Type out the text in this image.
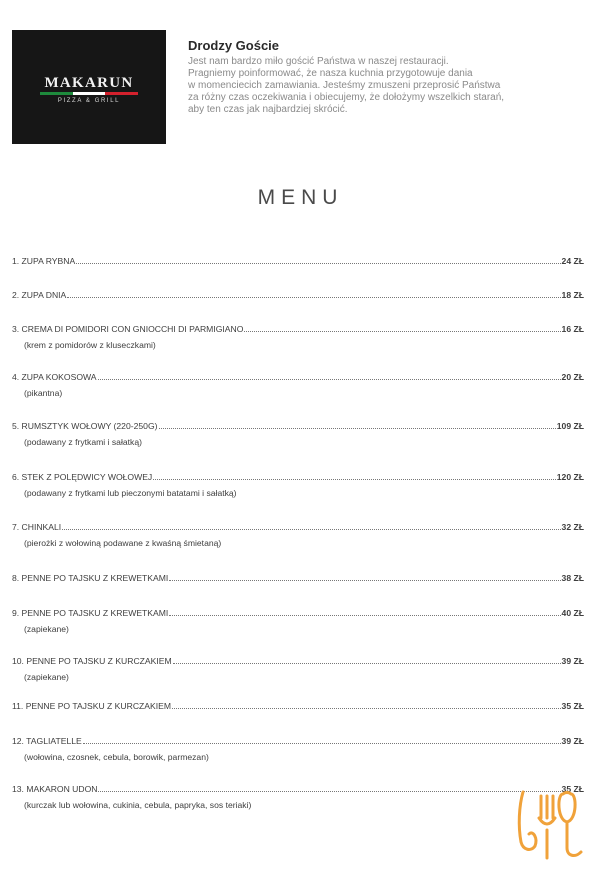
MAKARUN
PIZZA & GRILL
Drodzy Goście
Jest nam bardzo miło gościć Państwa w naszej restauracji.
Pragniemy poinformować, że nasza kuchnia przygotowuje dania
w momenciecich zamawiania. Jesteśmy zmuszeni przeprosić Państwa
za różny czas oczekiwania i obiecujemy, że dołożymy wszelkich starań,
aby ten czas jak najbardziej skrócić.
MENU
1. ZUPA RYBNA	24 ZŁ
2. ZUPA DNIA	18 ZŁ
3. CREMA DI POMIDORI CON GNIOCCHI DI PARMIGIANO	16 ZŁ
(krem z pomidorów z kluseczkami)
4. ZUPA KOKOSOWA	20 ZŁ
(pikantna)
5. RUMSZTYK WOŁOWY (220-250G)	109 ZŁ
(podawany z frytkami i sałatką)
6. STEK Z POLĘDWICY WOŁOWEJ	120 ZŁ
(podawany z frytkami lub pieczonymi batatami i sałatką)
7. CHINKALI	32 ZŁ
(pierożki z wołowiną podawane z kwaśną śmietaną)
8. PENNE PO TAJSKU Z KREWETKAMI	38 ZŁ
9. PENNE PO TAJSKU Z KREWETKAMI	40 ZŁ
(zapiekane)
10. PENNE PO TAJSKU Z KURCZAKIEM	39 ZŁ
(zapiekane)
11. PENNE PO TAJSKU Z KURCZAKIEM	35 ZŁ
12. TAGLIATELLE	39 ZŁ
(wołowina, czosnek, cebula, borowik, parmezan)
13. MAKARON UDON	35 ZŁ
(kurczak lub wołowina, cukinia, cebula, papryka, sos teriaki)
